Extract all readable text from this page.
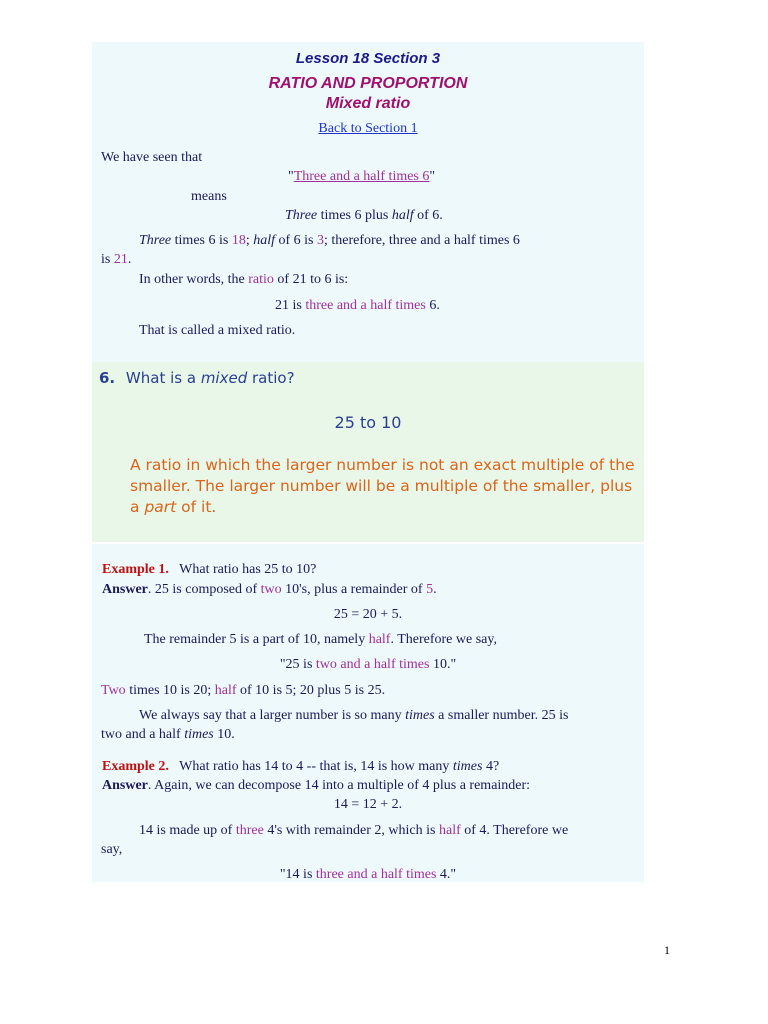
Lesson 18 Section 3
RATIO AND PROPORTION
Mixed ratio
Back to Section 1
We have seen that
"Three and a half times 6"
means
Three times 6 plus half of 6.
Three times 6 is 18; half of 6 is 3; therefore, three and a half times 6
is 21.
In other words, the ratio of 21 to 6 is:
21 is three and a half times 6.
That is called a mixed ratio.
6. What is a mixed ratio?
25 to 10
A ratio in which the larger number is not an exact multiple of the smaller. The larger number will be a multiple of the smaller, plus a part of it.
Example 1.   What ratio has 25 to 10?
Answer. 25 is composed of two 10's, plus a remainder of 5.
25 = 20 + 5.
The remainder 5 is a part of 10, namely half. Therefore we say,
"25 is two and a half times 10."
Two times 10 is 20; half of 10 is 5; 20 plus 5 is 25.
We always say that a larger number is so many times a smaller number. 25 is
two and a half times 10.
Example 2.   What ratio has 14 to 4 -- that is, 14 is how many times 4?
Answer. Again, we can decompose 14 into a multiple of 4 plus a remainder:
14 = 12 + 2.
14 is made up of three 4's with remainder 2, which is half of 4. Therefore we
say,
"14 is three and a half times 4."
1
